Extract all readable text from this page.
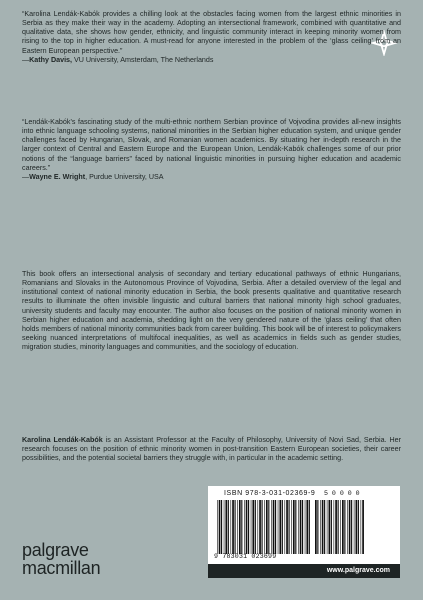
“Karolina Lendák-Kabók provides a chilling look at the obstacles facing women from the largest ethnic minorities in Serbia as they make their way in the academy. Adopting an intersectional framework, combined with quantitative and qualitative data, she shows how gender, ethnicity, and linguistic community interact in keeping minority women from rising to the top in higher education. A must-read for anyone interested in the problem of the ‘glass ceiling’ from an Eastern European perspective.”

—Kathy Davis, VU University, Amsterdam, The Netherlands

“Lendák-Kabók’s fascinating study of the multi-ethnic northern Serbian province of Vojvodina provides all-new insights into ethnic language schooling systems, national minorities in the Serbian higher education system, and unique gender challenges faced by Hungarian, Slovak, and Romanian women academics. By situating her in-depth research in the larger context of Central and Eastern Europe and the European Union, Lendák-Kabók challenges some of our prior notions of the “language barriers” faced by national linguistic minorities in pursuing higher education and academic careers.”

—Wayne E. Wright, Purdue University, USA

This book offers an intersectional analysis of secondary and tertiary educational pathways of ethnic Hungarians, Romanians and Slovaks in the Autonomous Province of Vojvodina, Serbia. After a detailed overview of the legal and institutional context of national minority education in Serbia, the book presents qualitative and quantitative research results to illuminate the often invisible linguistic and cultural barriers that national minority high school graduates, university students and faculty may encounter. The author also focuses on the position of national minority women in Serbian higher education and academia, shedding light on the very gendered nature of the ‘glass ceiling’ that often holds members of national minority communities back from career building. This book will be of interest to policymakers seeking nuanced interpretations of multifocal inequalities, as well as academics in fields such as gender studies, migration studies, minority languages and communities, and the sociology of education.

Karolina Lendák-Kabók is an Assistant Professor at the Faculty of Philosophy, University of Novi Sad, Serbia. Her research focuses on the position of ethnic minority women in post-transition Eastern European societies, their career possibilities, and the potential societal barriers they struggle with, in particular in the academic setting.

ISBN 978-3-031-02369-9 5 0 0 0 0
9 783031 023699
www.palgrave.com
palgrave
macmillan
